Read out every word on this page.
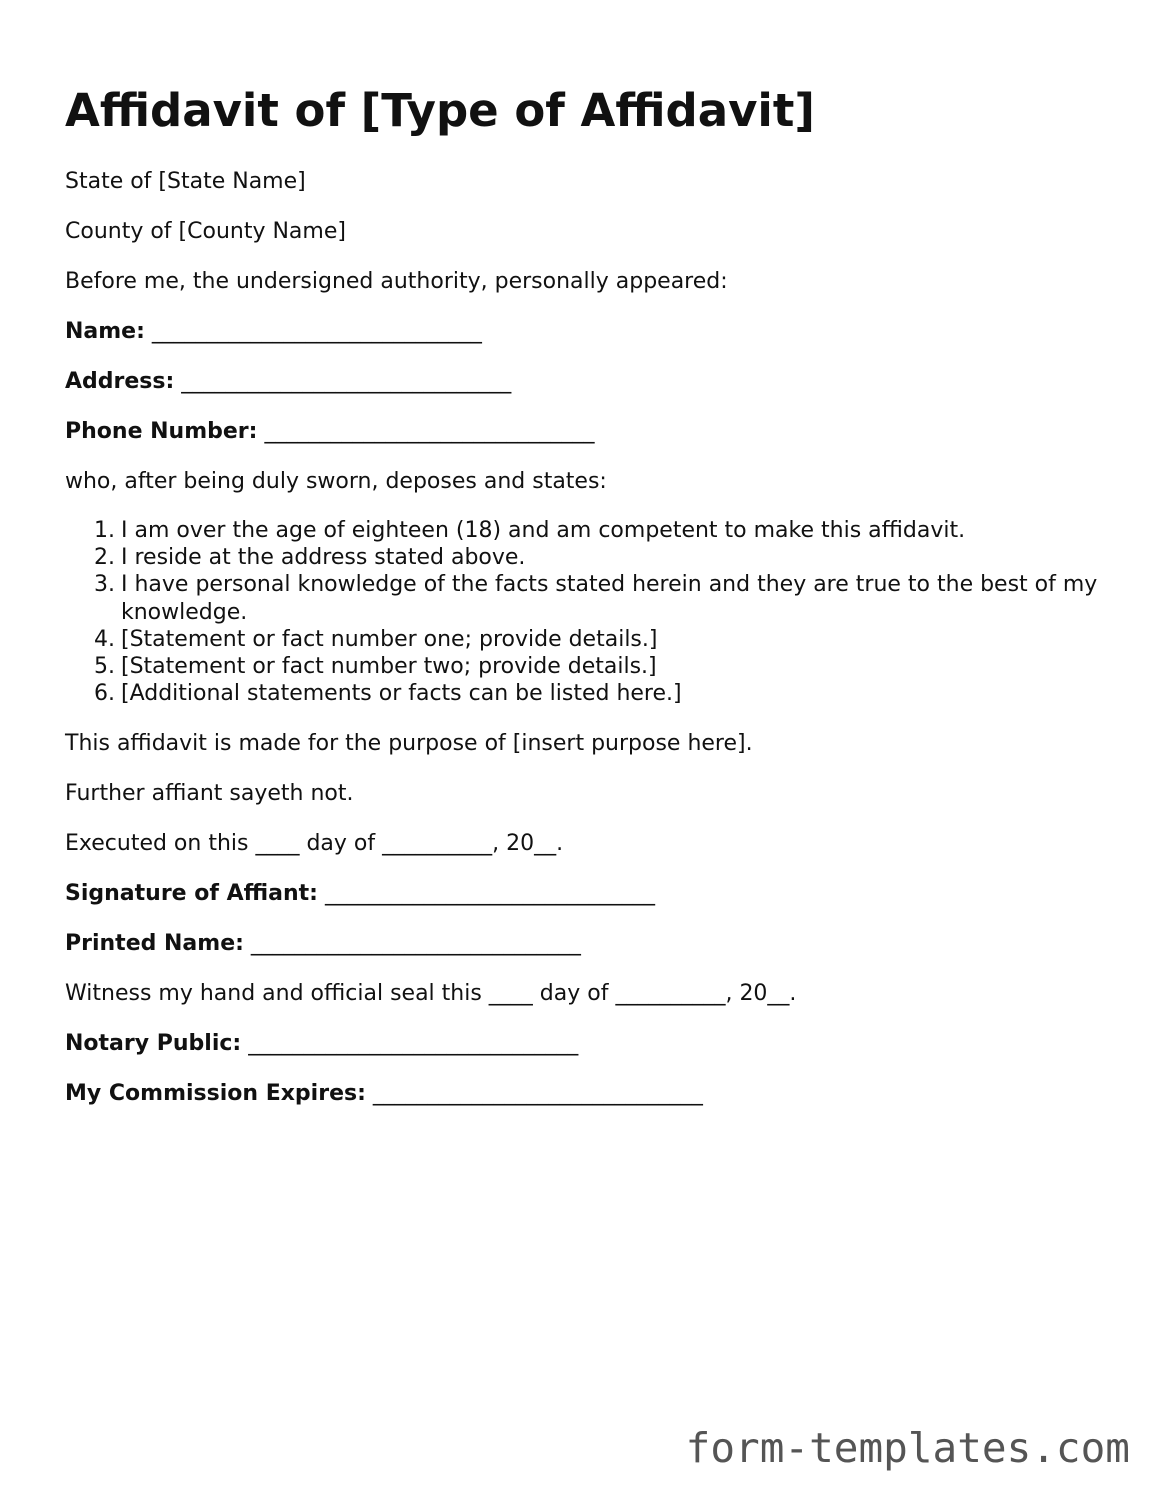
Affidavit of [Type of Affidavit]

State of [State Name]

County of [County Name]

Before me, the undersigned authority, personally appeared:

Name: ______________________________

Address: ______________________________

Phone Number: ______________________________

who, after being duly sworn, deposes and states:

I am over the age of eighteen (18) and am competent to make this affidavit.
I reside at the address stated above.
I have personal knowledge of the facts stated herein and they are true to the best of my knowledge.
[Statement or fact number one; provide details.]
[Statement or fact number two; provide details.]
[Additional statements or facts can be listed here.]

This affidavit is made for the purpose of [insert purpose here].

Further affiant sayeth not.

Executed on this ____ day of __________, 20__.

Signature of Affiant: ______________________________

Printed Name: ______________________________

Witness my hand and official seal this ____ day of __________, 20__.

Notary Public: ______________________________

My Commission Expires: ______________________________

form-templates.com
